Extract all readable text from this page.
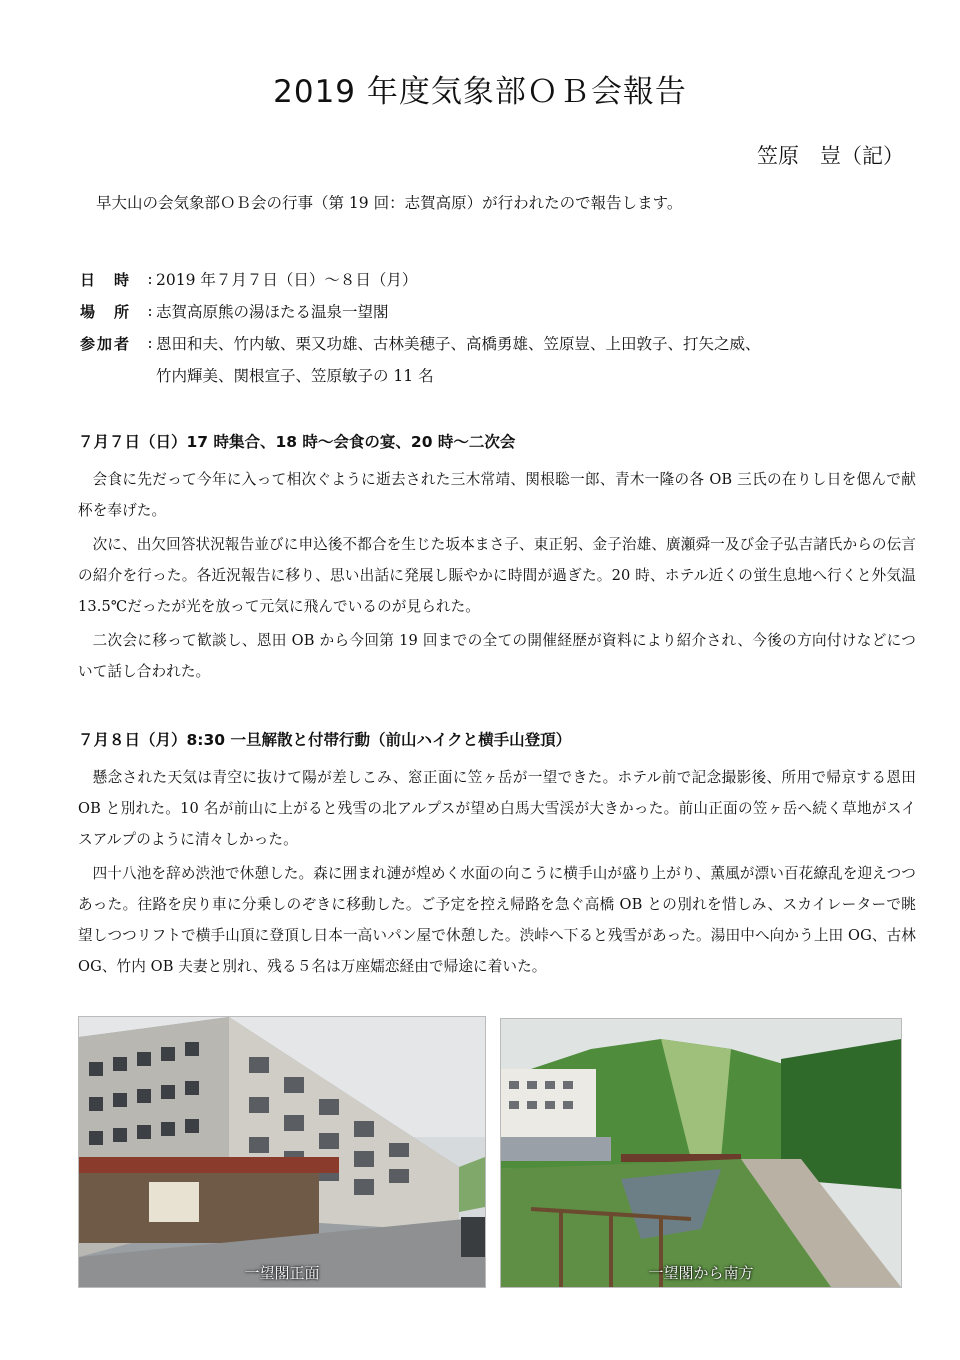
2019 年度気象部ＯＢ会報告
笠原　豈（記）
早大山の会気象部ＯＢ会の行事（第 19 回：志賀高原）が行われたので報告します。
日　時	: 2019 年７月７日（日）～８日（月）
場　所	: 志賀高原熊の湯ほたる温泉一望閣
参加者	: 恩田和夫、竹内敏、栗又功雄、古林美穂子、高橋勇雄、笠原豈、上田敦子、打矢之威、
竹内輝美、関根宣子、笠原敏子の 11 名
７月７日（日）17 時集合、18 時～会食の宴、20 時～二次会

会食に先だって今年に入って相次ぐように逝去された三木常靖、関根聡一郎、青木一隆の各 OB 三氏の在りし日を偲んで献杯を奉げた。

次に、出欠回答状況報告並びに申込後不都合を生じた坂本まさ子、東正躬、金子治雄、廣瀬舜一及び金子弘吉諸氏からの伝言の紹介を行った。各近況報告に移り、思い出話に発展し賑やかに時間が過ぎた。20 時、ホテル近くの蛍生息地へ行くと外気温 13.5℃だったが光を放って元気に飛んでいるのが見られた。

二次会に移って歓談し、恩田 OB から今回第 19 回までの全ての開催経歴が資料により紹介され、今後の方向付けなどについて話し合われた。

７月８日（月）8:30 一旦解散と付帯行動（前山ハイクと横手山登頂）

懸念された天気は青空に抜けて陽が差しこみ、窓正面に笠ヶ岳が一望できた。ホテル前で記念撮影後、所用で帰京する恩田 OB と別れた。10 名が前山に上がると残雪の北アルプスが望め白馬大雪渓が大きかった。前山正面の笠ヶ岳へ続く草地がスイスアルプのように清々しかった。

四十八池を辞め渋池で休憩した。森に囲まれ漣が煌めく水面の向こうに横手山が盛り上がり、薫風が漂い百花繚乱を迎えつつあった。往路を戻り車に分乗しのぞきに移動した。ご予定を控え帰路を急ぐ高橋 OB との別れを惜しみ、スカイレーターで眺望しつつリフトで横手山頂に登頂し日本一高いパン屋で休憩した。渋峠へ下ると残雪があった。湯田中へ向かう上田 OG、古林 OG、竹内 OB 夫妻と別れ、残る５名は万座嬬恋経由で帰途に着いた。

一望閣正面	一望閣から南方
